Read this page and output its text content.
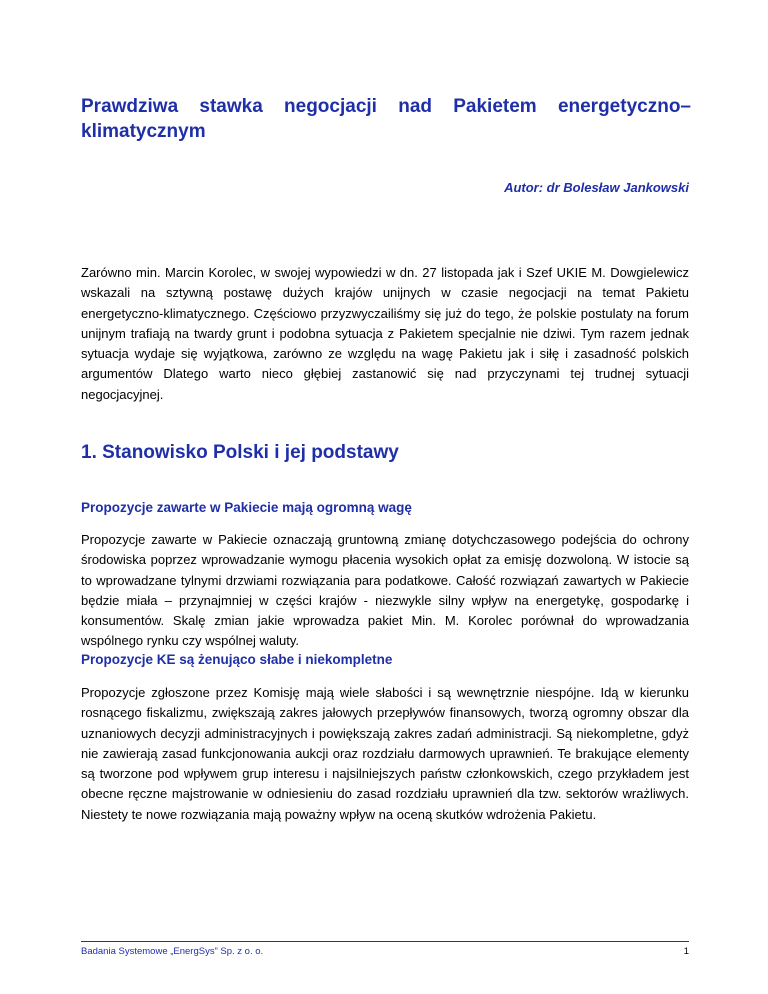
Prawdziwa stawka negocjacji nad Pakietem energetyczno–klimatycznym
Autor: dr Bolesław Jankowski

Zarówno min. Marcin Korolec, w swojej wypowiedzi w dn. 27 listopada jak i Szef UKIE M. Dowgielewicz wskazali na sztywną postawę dużych krajów unijnych w czasie negocjacji na temat Pakietu energetyczno-klimatycznego. Częściowo przyzwyczailiśmy się już do tego, że polskie postulaty na forum unijnym trafiają na twardy grunt i podobna sytuacja z Pakietem specjalnie nie dziwi. Tym razem jednak sytuacja wydaje się wyjątkowa, zarówno ze względu na wagę Pakietu jak i siłę i zasadność polskich argumentów Dlatego warto nieco głębiej zastanowić się nad przyczynami tej trudnej sytuacji negocjacyjnej.

1. Stanowisko Polski i jej podstawy
Propozycje zawarte w Pakiecie mają ogromną wagę

Propozycje zawarte w Pakiecie oznaczają gruntowną zmianę dotychczasowego podejścia do ochrony środowiska poprzez wprowadzanie wymogu płacenia wysokich opłat za emisję dozwoloną. W istocie są to wprowadzane tylnymi drzwiami rozwiązania para podatkowe. Całość rozwiązań zawartych w Pakiecie będzie miała – przynajmniej w części krajów - niezwykle silny wpływ na energetykę, gospodarkę i konsumentów. Skalę zmian jakie wprowadza pakiet Min. M. Korolec porównał do wprowadzania wspólnego rynku czy wspólnej waluty.

Propozycje KE są żenująco słabe i niekompletne

Propozycje zgłoszone przez Komisję mają wiele słabości i są wewnętrznie niespójne. Idą w kierunku rosnącego fiskalizmu, zwiększają zakres jałowych przepływów finansowych, tworzą ogromny obszar dla uznaniowych decyzji administracyjnych i powiększają zakres zadań administracji. Są niekompletne, gdyż nie zawierają zasad funkcjonowania aukcji oraz rozdziału darmowych uprawnień. Te brakujące elementy są tworzone pod wpływem grup interesu i najsilniejszych państw członkowskich, czego przykładem jest obecne ręczne majstrowanie w odniesieniu do zasad rozdziału uprawnień dla tzw. sektorów wrażliwych. Niestety te nowe rozwiązania mają poważny wpływ na oceną skutków wdrożenia Pakietu.

Badania Systemowe „EnergSys” Sp. z o. o.	1
